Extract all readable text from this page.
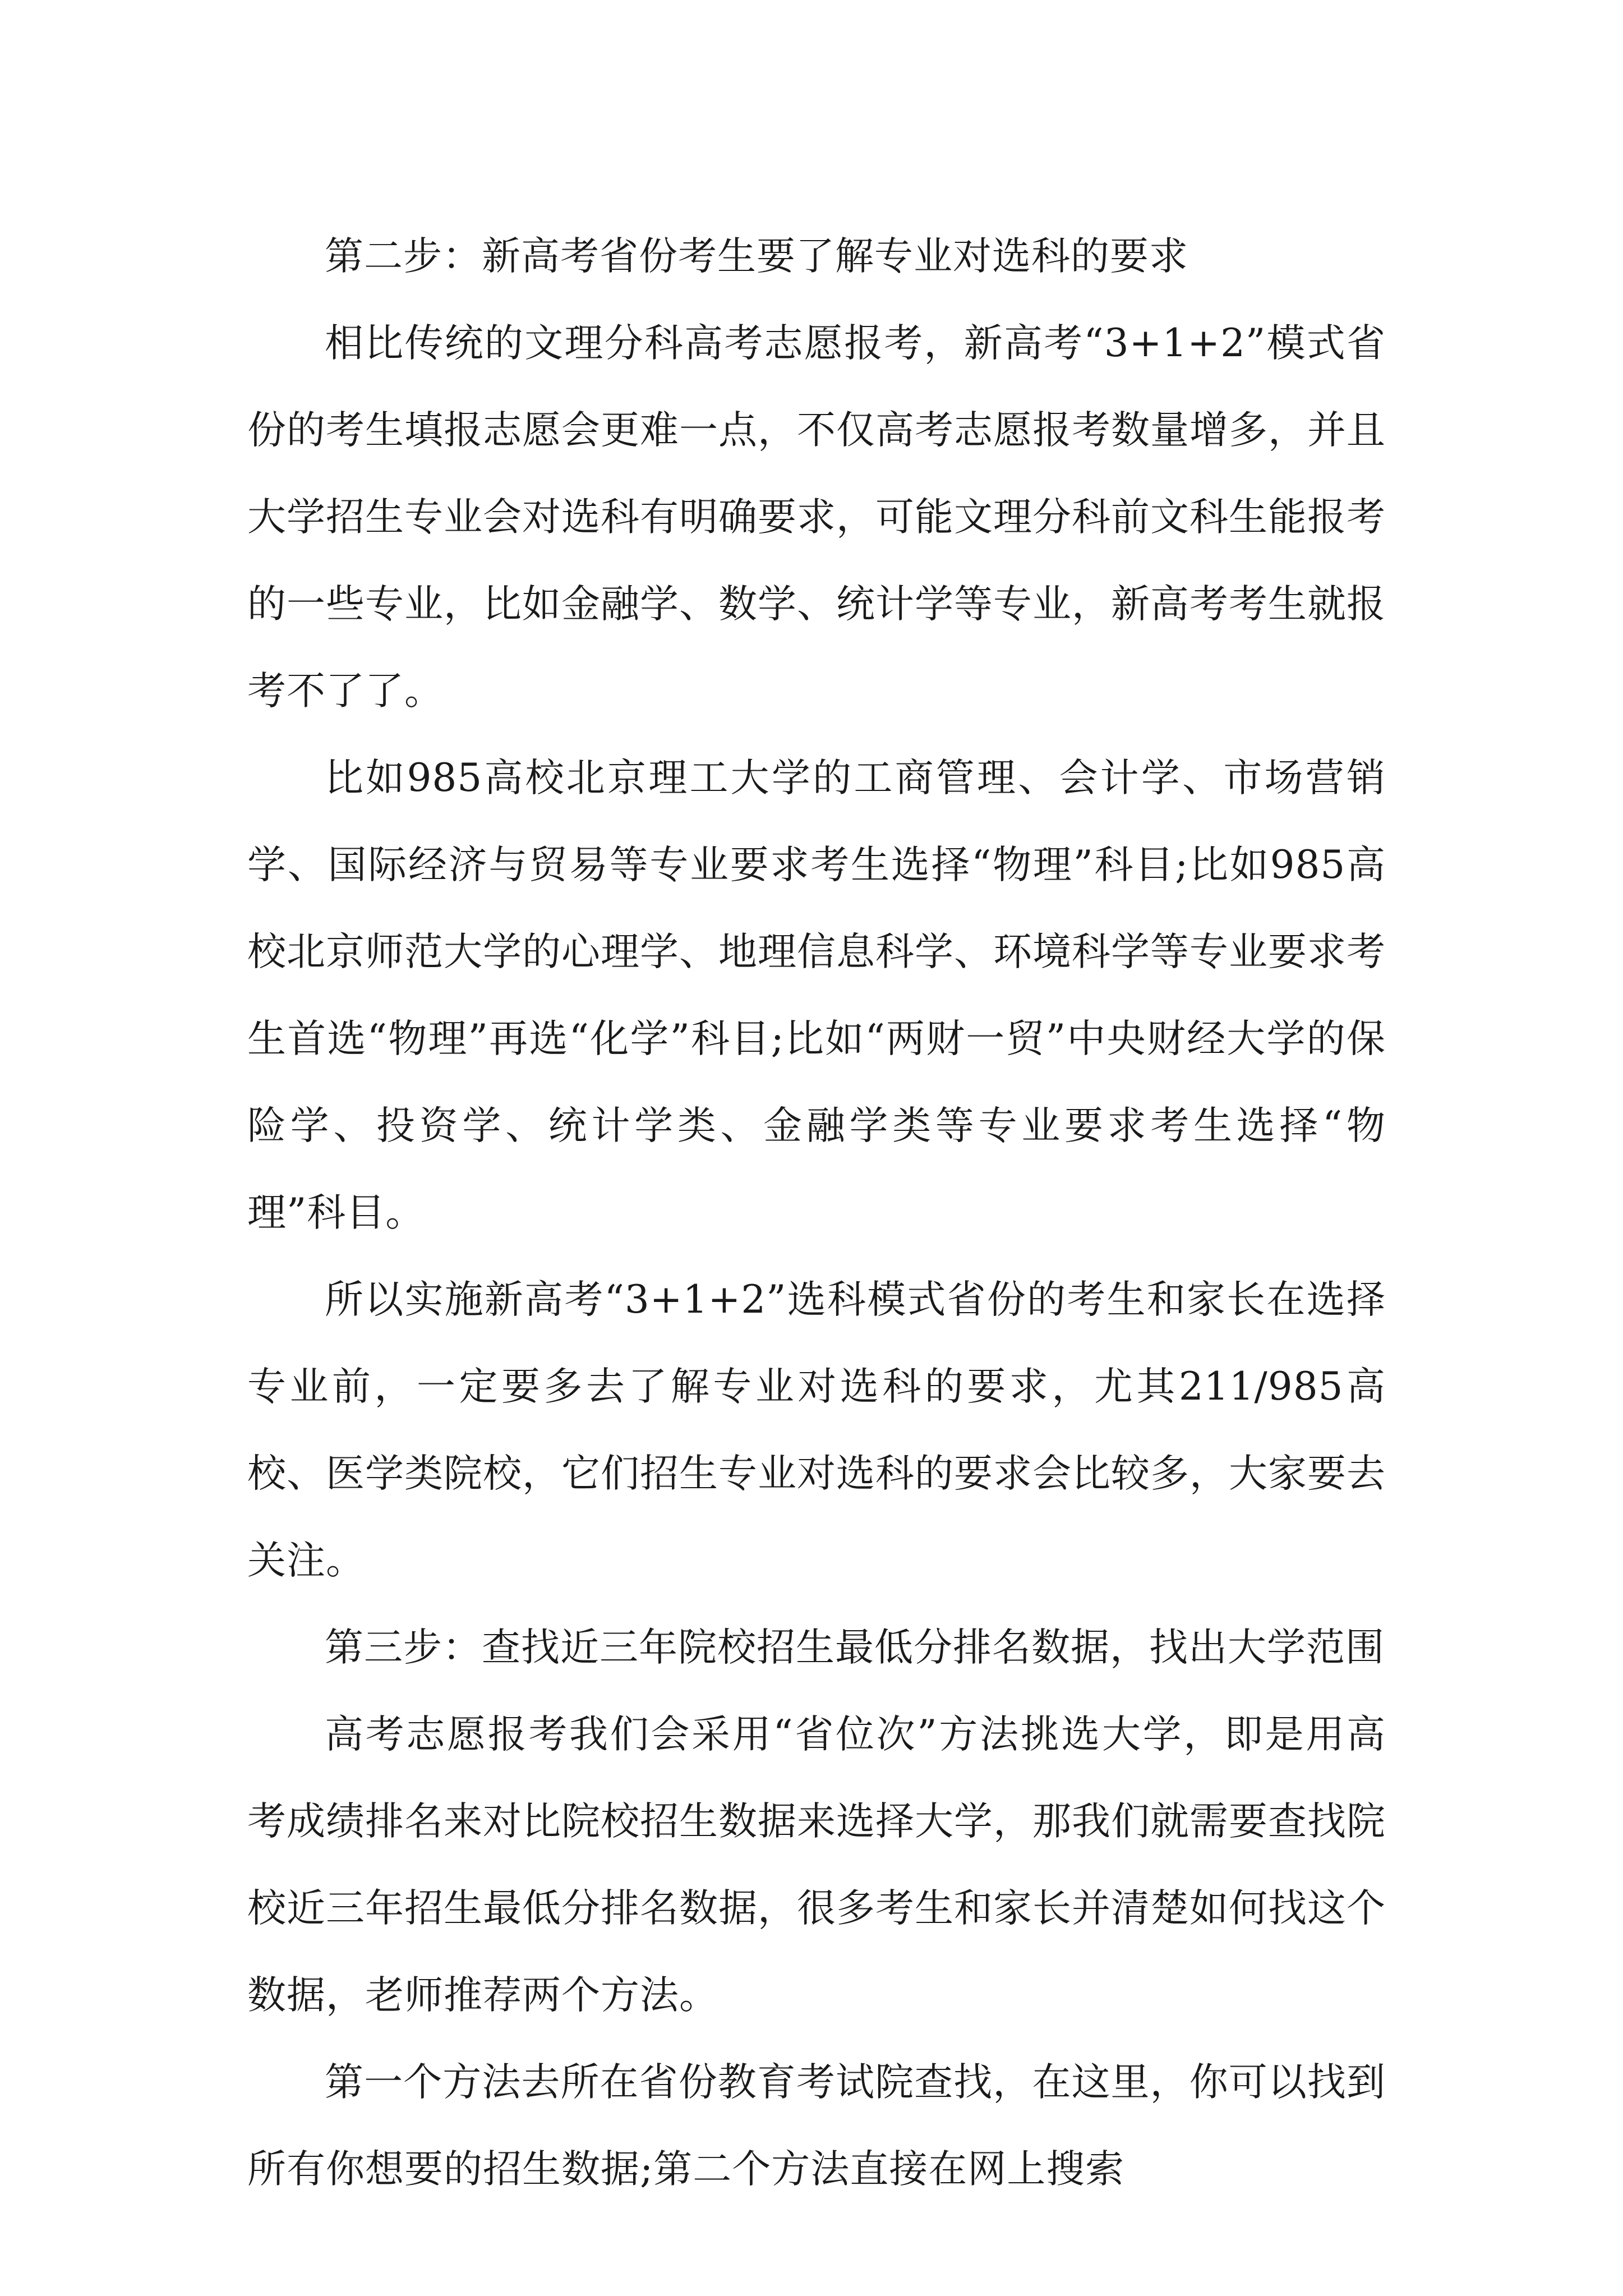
第二步：新高考省份考生要了解专业对选科的要求

相比传统的文理分科高考志愿报考，新高考“3+1+2”模式省份的考生填报志愿会更难一点，不仅高考志愿报考数量增多，并且大学招生专业会对选科有明确要求，可能文理分科前文科生能报考的一些专业，比如金融学、数学、统计学等专业，新高考考生就报考不了了。

比如985高校北京理工大学的工商管理、会计学、市场营销学、国际经济与贸易等专业要求考生选择“物理”科目;比如985高校北京师范大学的心理学、地理信息科学、环境科学等专业要求考生首选“物理”再选“化学”科目;比如“两财一贸”中央财经大学的保险学、投资学、统计学类、金融学类等专业要求考生选择“物理”科目。

所以实施新高考“3+1+2”选科模式省份的考生和家长在选择专业前，一定要多去了解专业对选科的要求，尤其211/985高校、医学类院校，它们招生专业对选科的要求会比较多，大家要去关注。

第三步：查找近三年院校招生最低分排名数据，找出大学范围

高考志愿报考我们会采用“省位次”方法挑选大学，即是用高考成绩排名来对比院校招生数据来选择大学，那我们就需要查找院校近三年招生最低分排名数据，很多考生和家长并清楚如何找这个数据，老师推荐两个方法。

第一个方法去所在省份教育考试院查找，在这里，你可以找到所有你想要的招生数据;第二个方法直接在网上搜索
